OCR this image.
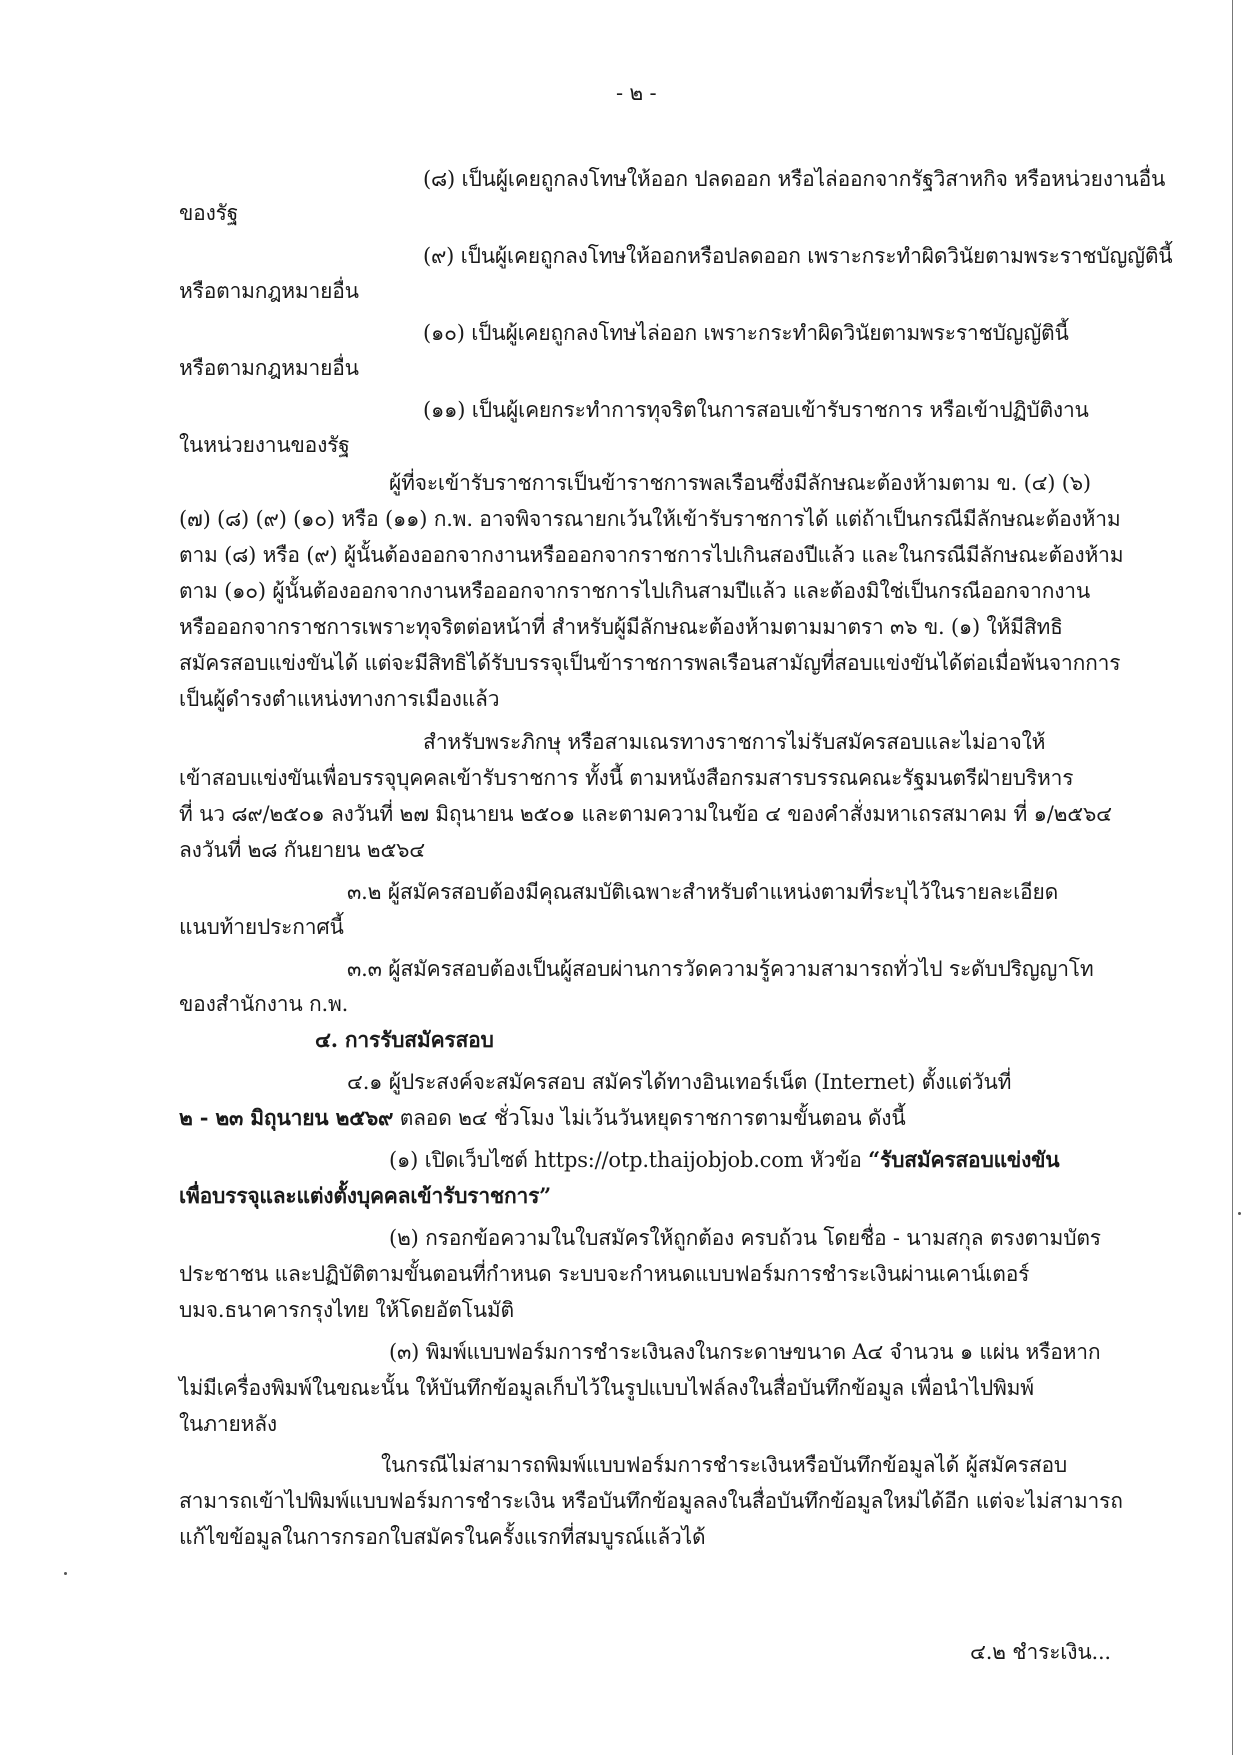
- ๒ -
(๘) เป็นผู้เคยถูกลงโทษให้ออก ปลดออก หรือไล่ออกจากรัฐวิสาหกิจ หรือหน่วยงานอื่น
ของรัฐ
(๙) เป็นผู้เคยถูกลงโทษให้ออกหรือปลดออก เพราะกระทำผิดวินัยตามพระราชบัญญัตินี้
หรือตามกฎหมายอื่น
(๑๐) เป็นผู้เคยถูกลงโทษไล่ออก เพราะกระทำผิดวินัยตามพระราชบัญญัตินี้
หรือตามกฎหมายอื่น
(๑๑) เป็นผู้เคยกระทำการทุจริตในการสอบเข้ารับราชการ หรือเข้าปฏิบัติงาน
ในหน่วยงานของรัฐ
ผู้ที่จะเข้ารับราชการเป็นข้าราชการพลเรือนซึ่งมีลักษณะต้องห้ามตาม ข. (๔) (๖)
(๗) (๘) (๙) (๑๐) หรือ (๑๑) ก.พ. อาจพิจารณายกเว้นให้เข้ารับราชการได้ แต่ถ้าเป็นกรณีมีลักษณะต้องห้าม
ตาม (๘) หรือ (๙) ผู้นั้นต้องออกจากงานหรือออกจากราชการไปเกินสองปีแล้ว และในกรณีมีลักษณะต้องห้าม
ตาม (๑๐) ผู้นั้นต้องออกจากงานหรือออกจากราชการไปเกินสามปีแล้ว และต้องมิใช่เป็นกรณีออกจากงาน
หรือออกจากราชการเพราะทุจริตต่อหน้าที่ สำหรับผู้มีลักษณะต้องห้ามตามมาตรา ๓๖ ข. (๑) ให้มีสิทธิ
สมัครสอบแข่งขันได้ แต่จะมีสิทธิได้รับบรรจุเป็นข้าราชการพลเรือนสามัญที่สอบแข่งขันได้ต่อเมื่อพ้นจากการ
เป็นผู้ดำรงตำแหน่งทางการเมืองแล้ว
สำหรับพระภิกษุ หรือสามเณรทางราชการไม่รับสมัครสอบและไม่อาจให้
เข้าสอบแข่งขันเพื่อบรรจุบุคคลเข้ารับราชการ ทั้งนี้ ตามหนังสือกรมสารบรรณคณะรัฐมนตรีฝ่ายบริหาร
ที่ นว ๘๙/๒๕๐๑ ลงวันที่ ๒๗ มิถุนายน ๒๕๐๑ และตามความในข้อ ๔ ของคำสั่งมหาเถรสมาคม ที่ ๑/๒๕๖๔
ลงวันที่ ๒๘ กันยายน ๒๕๖๔
๓.๒ ผู้สมัครสอบต้องมีคุณสมบัติเฉพาะสำหรับตำแหน่งตามที่ระบุไว้ในรายละเอียด
แนบท้ายประกาศนี้
๓.๓ ผู้สมัครสอบต้องเป็นผู้สอบผ่านการวัดความรู้ความสามารถทั่วไป ระดับปริญญาโท
ของสำนักงาน ก.พ.
๔. การรับสมัครสอบ
๔.๑ ผู้ประสงค์จะสมัครสอบ สมัครได้ทางอินเทอร์เน็ต (Internet) ตั้งแต่วันที่
๒ - ๒๓ มิถุนายน ๒๕๖๙ ตลอด ๒๔ ชั่วโมง ไม่เว้นวันหยุดราชการตามขั้นตอน ดังนี้
(๑) เปิดเว็บไซต์ https://otp.thaijobjob.com หัวข้อ “รับสมัครสอบแข่งขัน
เพื่อบรรจุและแต่งตั้งบุคคลเข้ารับราชการ”
(๒) กรอกข้อความในใบสมัครให้ถูกต้อง ครบถ้วน โดยชื่อ - นามสกุล ตรงตามบัตร
ประชาชน และปฏิบัติตามขั้นตอนที่กำหนด ระบบจะกำหนดแบบฟอร์มการชำระเงินผ่านเคาน์เตอร์
บมจ.ธนาคารกรุงไทย ให้โดยอัตโนมัติ
(๓) พิมพ์แบบฟอร์มการชำระเงินลงในกระดาษขนาด A๔ จำนวน ๑ แผ่น หรือหาก
ไม่มีเครื่องพิมพ์ในขณะนั้น ให้บันทึกข้อมูลเก็บไว้ในรูปแบบไฟล์ลงในสื่อบันทึกข้อมูล เพื่อนำไปพิมพ์
ในภายหลัง
ในกรณีไม่สามารถพิมพ์แบบฟอร์มการชำระเงินหรือบันทึกข้อมูลได้ ผู้สมัครสอบ
สามารถเข้าไปพิมพ์แบบฟอร์มการชำระเงิน หรือบันทึกข้อมูลลงในสื่อบันทึกข้อมูลใหม่ได้อีก แต่จะไม่สามารถ
แก้ไขข้อมูลในการกรอกใบสมัครในครั้งแรกที่สมบูรณ์แล้วได้
๔.๒ ชำระเงิน...
